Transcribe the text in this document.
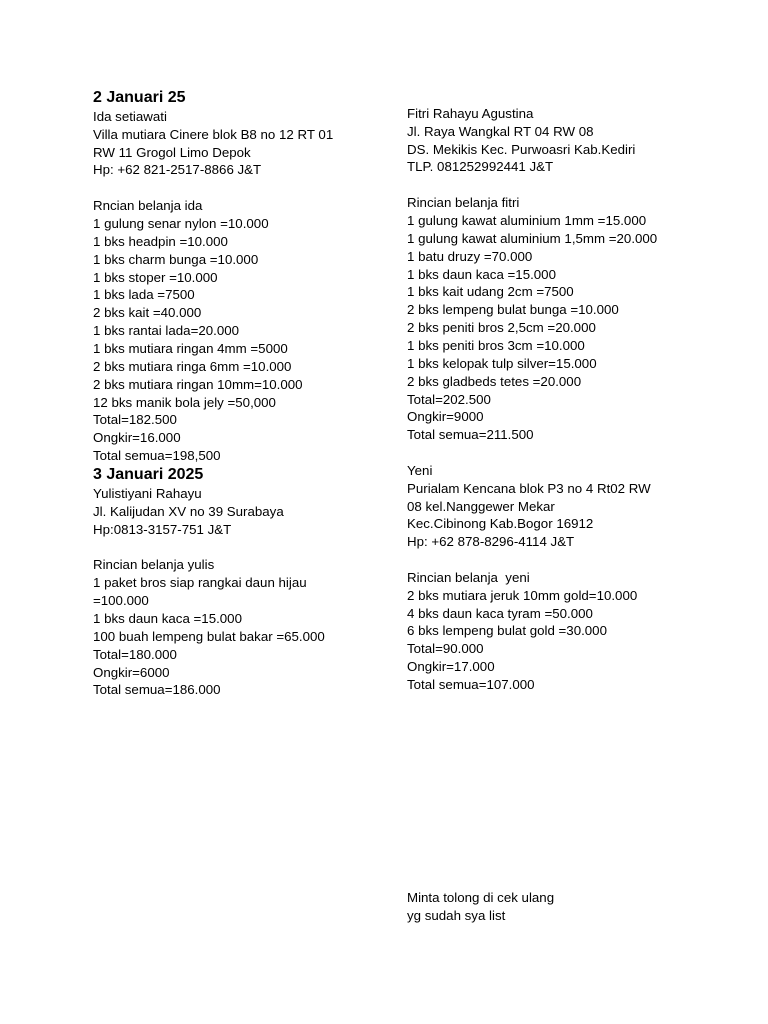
2 Januari 25
Ida setiawati
Villa mutiara Cinere blok B8 no 12 RT 01
RW 11 Grogol Limo Depok
Hp: +62 821-2517-8866 J&T
Rncian belanja ida
1 gulung senar nylon =10.000
1 bks headpin =10.000
1 bks charm bunga =10.000
1 bks stoper =10.000
1 bks lada =7500
2 bks kait =40.000
1 bks rantai lada=20.000
1 bks mutiara ringan 4mm =5000
2 bks mutiara ringa 6mm =10.000
2 bks mutiara ringan 10mm=10.000
12 bks manik bola jely =50,000
Total=182.500
Ongkir=16.000
Total semua=198,500
3 Januari 2025
Yulistiyani Rahayu
Jl. Kalijudan XV no 39 Surabaya
Hp:0813-3157-751 J&T
Rincian belanja yulis
1 paket bros siap rangkai daun hijau
=100.000
1 bks daun kaca =15.000
100 buah lempeng bulat bakar =65.000
Total=180.000
Ongkir=6000
Total semua=186.000
Fitri Rahayu Agustina
Jl. Raya Wangkal RT 04 RW 08
DS. Mekikis Kec. Purwoasri Kab.Kediri
TLP. 081252992441 J&T
Rincian belanja fitri
1 gulung kawat aluminium 1mm =15.000
1 gulung kawat aluminium 1,5mm =20.000
1 batu druzy =70.000
1 bks daun kaca =15.000
1 bks kait udang 2cm =7500
2 bks lempeng bulat bunga =10.000
2 bks peniti bros 2,5cm =20.000
1 bks peniti bros 3cm =10.000
1 bks kelopak tulp silver=15.000
2 bks gladbeds tetes =20.000
Total=202.500
Ongkir=9000
Total semua=211.500
Yeni
Purialam Kencana blok P3 no 4 Rt02 RW
08 kel.Nanggewer Mekar
Kec.Cibinong Kab.Bogor 16912
Hp: +62 878-8296-4114 J&T
Rincian belanja  yeni
2 bks mutiara jeruk 10mm gold=10.000
4 bks daun kaca tyram =50.000
6 bks lempeng bulat gold =30.000
Total=90.000
Ongkir=17.000
Total semua=107.000
Minta tolong di cek ulang
yg sudah sya list
